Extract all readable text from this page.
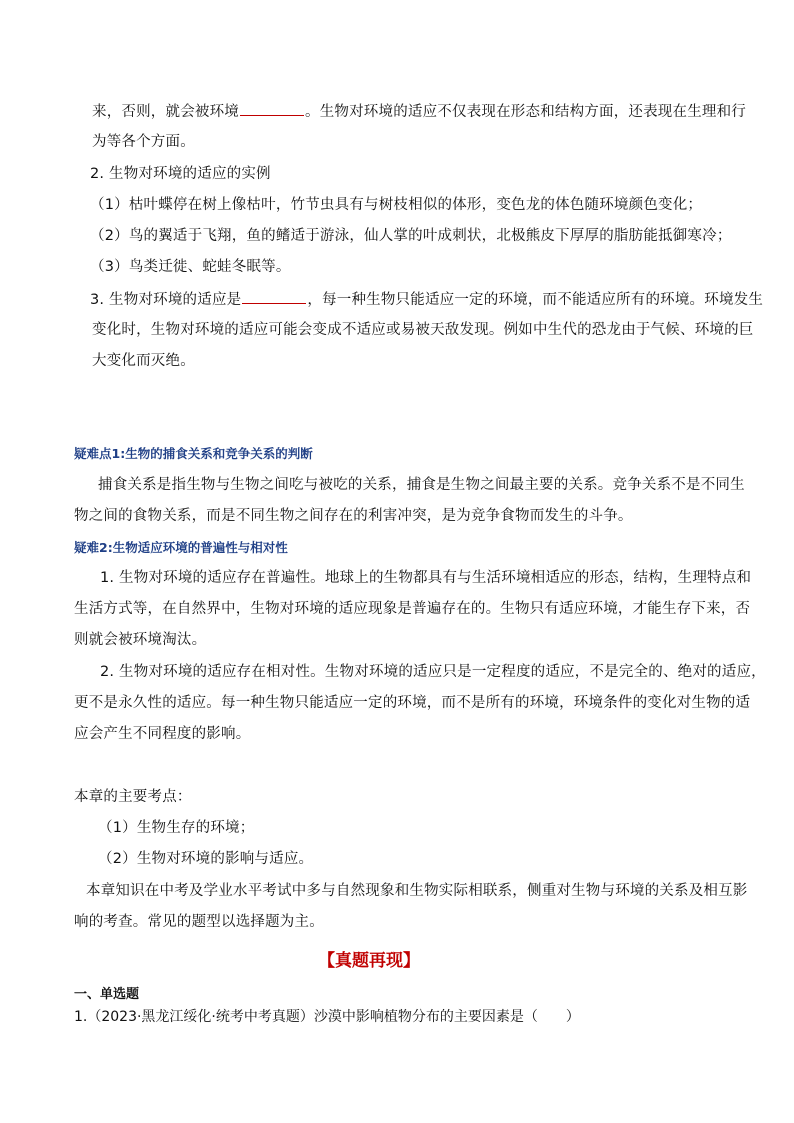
来，否则，就会被环境	。生物对环境的适应不仅表现在形态和结构方面，还表现在生理和行
为等各个方面。
2. 生物对环境的适应的实例
（1）枯叶蝶停在树上像枯叶，竹节虫具有与树枝相似的体形，变色龙的体色随环境颜色变化；
（2）鸟的翼适于飞翔，鱼的鳍适于游泳，仙人掌的叶成刺状，北极熊皮下厚厚的脂肪能抵御寒冷；
（3）鸟类迁徙、蛇蛙冬眠等。
3. 生物对环境的适应是	，每一种生物只能适应一定的环境，而不能适应所有的环境。环境发生
变化时，生物对环境的适应可能会变成不适应或易被天敌发现。例如中生代的恐龙由于气候、环境的巨
大变化而灭绝。
疑难点1:生物的捕食关系和竞争关系的判断
捕食关系是指生物与生物之间吃与被吃的关系，捕食是生物之间最主要的关系。竞争关系不是不同生
物之间的食物关系，而是不同生物之间存在的利害冲突，是为竞争食物而发生的斗争。
疑难2:生物适应环境的普遍性与相对性
1. 生物对环境的适应存在普遍性。地球上的生物都具有与生活环境相适应的形态，结构，生理特点和
生活方式等，在自然界中，生物对环境的适应现象是普遍存在的。生物只有适应环境，才能生存下来，否
则就会被环境淘汰。
2. 生物对环境的适应存在相对性。生物对环境的适应只是一定程度的适应，不是完全的、绝对的适应，
更不是永久性的适应。每一种生物只能适应一定的环境，而不是所有的环境，环境条件的变化对生物的适
应会产生不同程度的影响。
本章的主要考点：
（1）生物生存的环境；
（2）生物对环境的影响与适应。
本章知识在中考及学业水平考试中多与自然现象和生物实际相联系，侧重对生物与环境的关系及相互影
响的考查。常见的题型以选择题为主。
【真题再现】
一、单选题
1.（2023·黑龙江绥化·统考中考真题）沙漠中影响植物分布的主要因素是（　　）
